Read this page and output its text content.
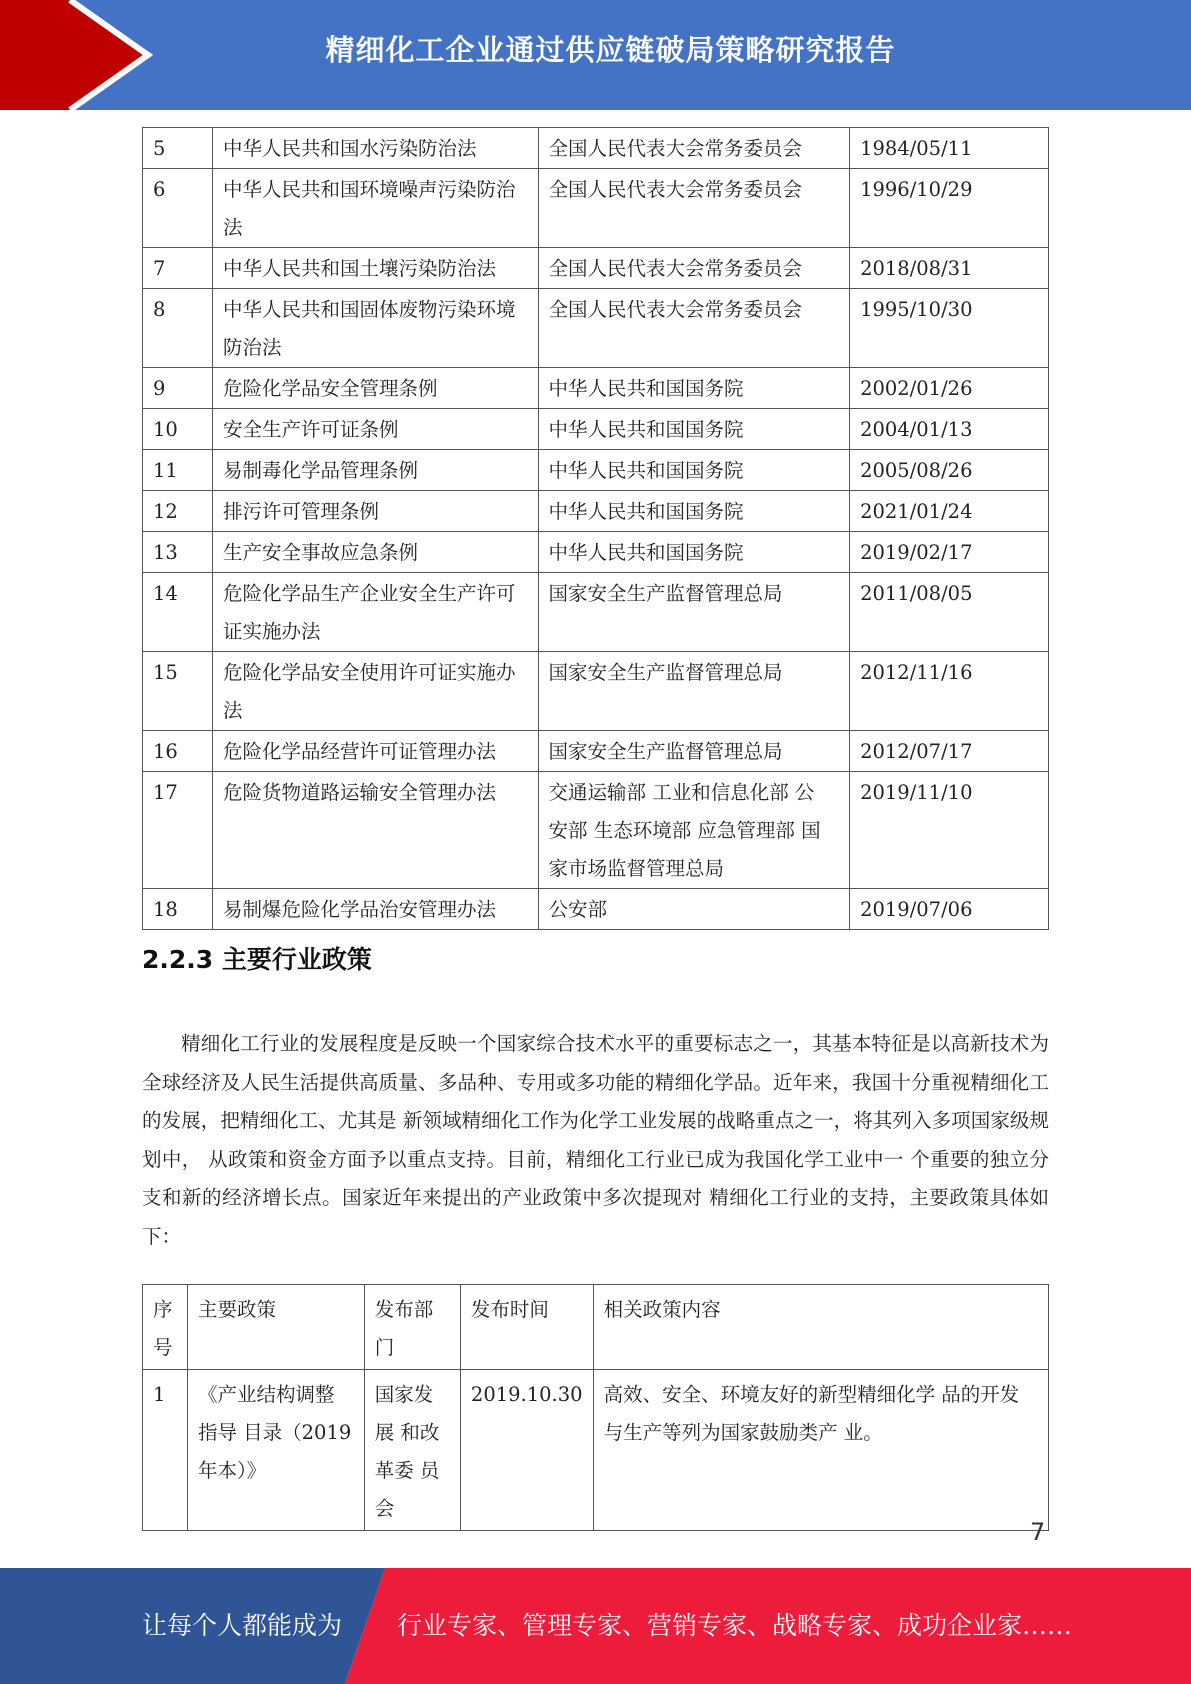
精细化工企业通过供应链破局策略研究报告
5	中华人民共和国水污染防治法	全国人民代表大会常务委员会	1984/05/11
6	中华人民共和国环境噪声污染防治法	全国人民代表大会常务委员会	1996/10/29
7	中华人民共和国土壤污染防治法	全国人民代表大会常务委员会	2018/08/31
8	中华人民共和国固体废物污染环境防治法	全国人民代表大会常务委员会	1995/10/30
9	危险化学品安全管理条例	中华人民共和国国务院	2002/01/26
10	安全生产许可证条例	中华人民共和国国务院	2004/01/13
11	易制毒化学品管理条例	中华人民共和国国务院	2005/08/26
12	排污许可管理条例	中华人民共和国国务院	2021/01/24
13	生产安全事故应急条例	中华人民共和国国务院	2019/02/17
14	危险化学品生产企业安全生产许可证实施办法	国家安全生产监督管理总局	2011/08/05
15	危险化学品安全使用许可证实施办法	国家安全生产监督管理总局	2012/11/16
16	危险化学品经营许可证管理办法	国家安全生产监督管理总局	2012/07/17
17	危险货物道路运输安全管理办法	交通运输部 工业和信息化部 公 安部 生态环境部 应急管理部 国家市场监督管理总局	2019/11/10
18	易制爆危险化学品治安管理办法	公安部	2019/07/06
2.2.3 主要行业政策
精细化工行业的发展程度是反映一个国家综合技术水平的重要标志之一，其基本特征是以高新技术为全球经济及人民生活提供高质量、多品种、专用或多功能的精细化学品。近年来，我国十分重视精细化工的发展，把精细化工、尤其是 新领域精细化工作为化学工业发展的战略重点之一，将其列入多项国家级规划中， 从政策和资金方面予以重点支持。目前，精细化工行业已成为我国化学工业中一 个重要的独立分支和新的经济增长点。国家近年来提出的产业政策中多次提现对 精细化工行业的支持，主要政策具体如下：
序号	主要政策	发布部门	发布时间	相关政策内容
1	《产业结构调整指导 目录（2019 年本）》	国家发展 和改革委 员会	2019.10.30	高效、安全、环境友好的新型精细化学 品的开发与生产等列为国家鼓励类产 业。
7
让每个人都能成为 行业专家、管理专家、营销专家、战略专家、成功企业家……
